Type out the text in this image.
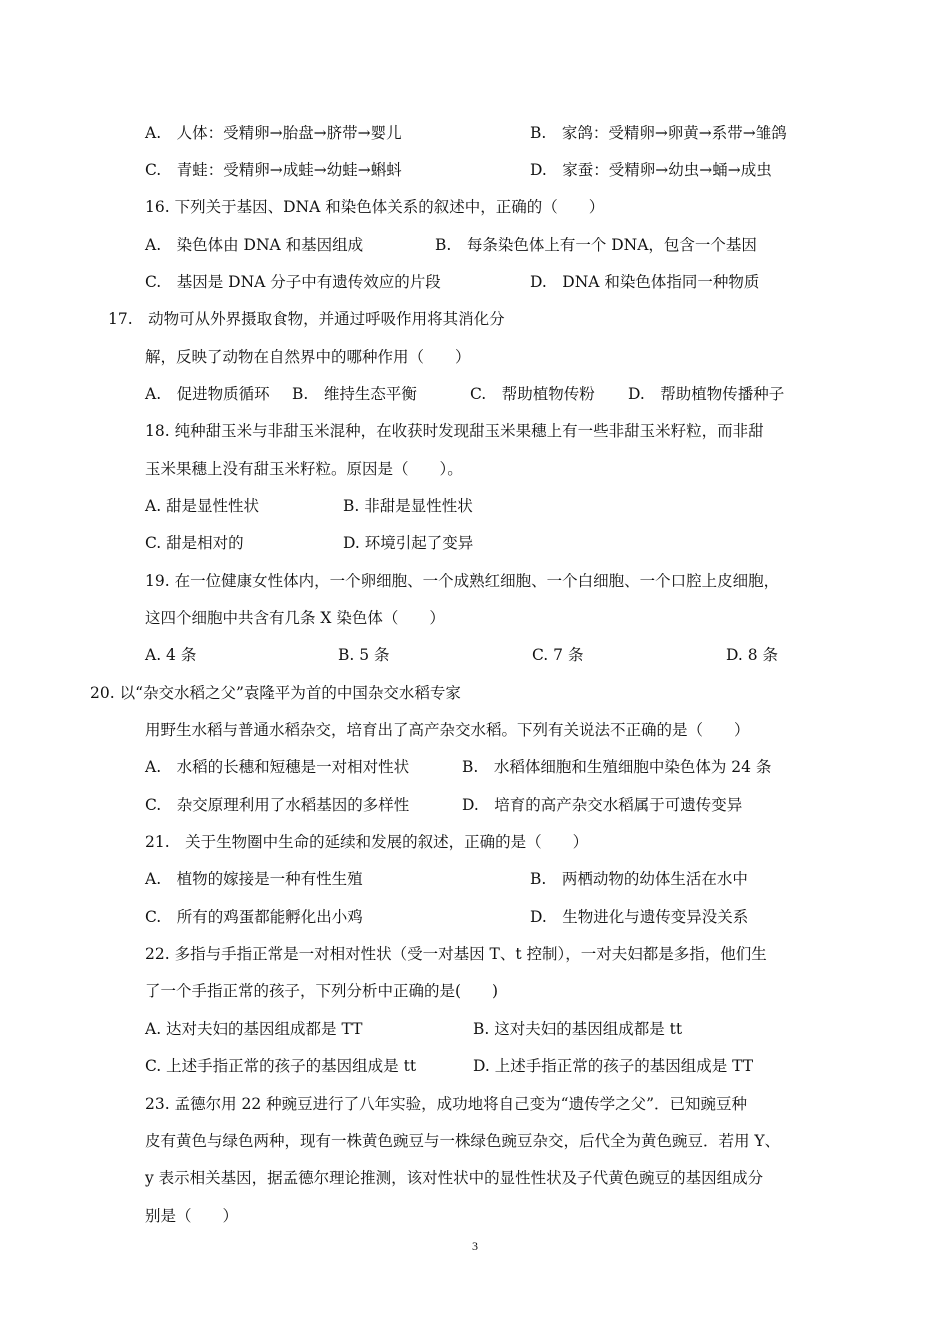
A.　人体：受精卵→胎盘→脐带→婴儿	B.　家鸽：受精卵→卵黄→系带→雏鸽
C.　青蛙：受精卵→成蛙→幼蛙→蝌蚪	D.　家蚕：受精卵→幼虫→蛹→成虫
16. 下列关于基因、DNA 和染色体关系的叙述中，正确的（　　）
A.　染色体由 DNA 和基因组成	B.　每条染色体上有一个 DNA，包含一个基因
C.　基因是 DNA 分子中有遗传效应的片段	D.　DNA 和染色体指同一种物质
17.　动物可从外界摄取食物，并通过呼吸作用将其消化分
解，反映了动物在自然界中的哪种作用（　　）
A.　促进物质循环 B.　维持生态平衡	C.　帮助植物传粉 D.　帮助植物传播种子
18. 纯种甜玉米与非甜玉米混种，在收获时发现甜玉米果穗上有一些非甜玉米籽粒，而非甜
玉米果穗上没有甜玉米籽粒。原因是（　　）。
A. 甜是显性性状	B. 非甜是显性性状
C. 甜是相对的	D. 环境引起了变异
19. 在一位健康女性体内，一个卵细胞、一个成熟红细胞、一个白细胞、一个口腔上皮细胞，
这四个细胞中共含有几条 X 染色体（　　）
A. 4 条	B. 5 条	C. 7 条	D. 8 条
20. 以“杂交水稻之父”袁隆平为首的中国杂交水稻专家
用野生水稻与普通水稻杂交，培育出了高产杂交水稻。下列有关说法不正确的是（　　）
A.　水稻的长穗和短穗是一对相对性状	B.　水稻体细胞和生殖细胞中染色体为 24 条
C.　杂交原理利用了水稻基因的多样性	D.　培育的高产杂交水稻属于可遗传变异
21.　关于生物圈中生命的延续和发展的叙述，正确的是（　　）
A.　植物的嫁接是一种有性生殖	B.　两栖动物的幼体生活在水中
C.　所有的鸡蛋都能孵化出小鸡	D.　生物进化与遗传变异没关系
22. 多指与手指正常是一对相对性状（受一对基因 T、t 控制），一对夫妇都是多指，他们生
了一个手指正常的孩子，下列分析中正确的是(　　)
A. 达对夫妇的基因组成都是 TT	B. 这对夫妇的基因组成都是 tt
C. 上述手指正常的孩子的基因组成是 tt	D. 上述手指正常的孩子的基因组成是 TT
23. 孟德尔用 22 种豌豆进行了八年实验，成功地将自己变为“遗传学之父”．已知豌豆种
皮有黄色与绿色两种，现有一株黄色豌豆与一株绿色豌豆杂交，后代全为黄色豌豆．若用 Y、
y 表示相关基因，据孟德尔理论推测，该对性状中的显性性状及子代黄色豌豆的基因组成分
别是（　　）
3
